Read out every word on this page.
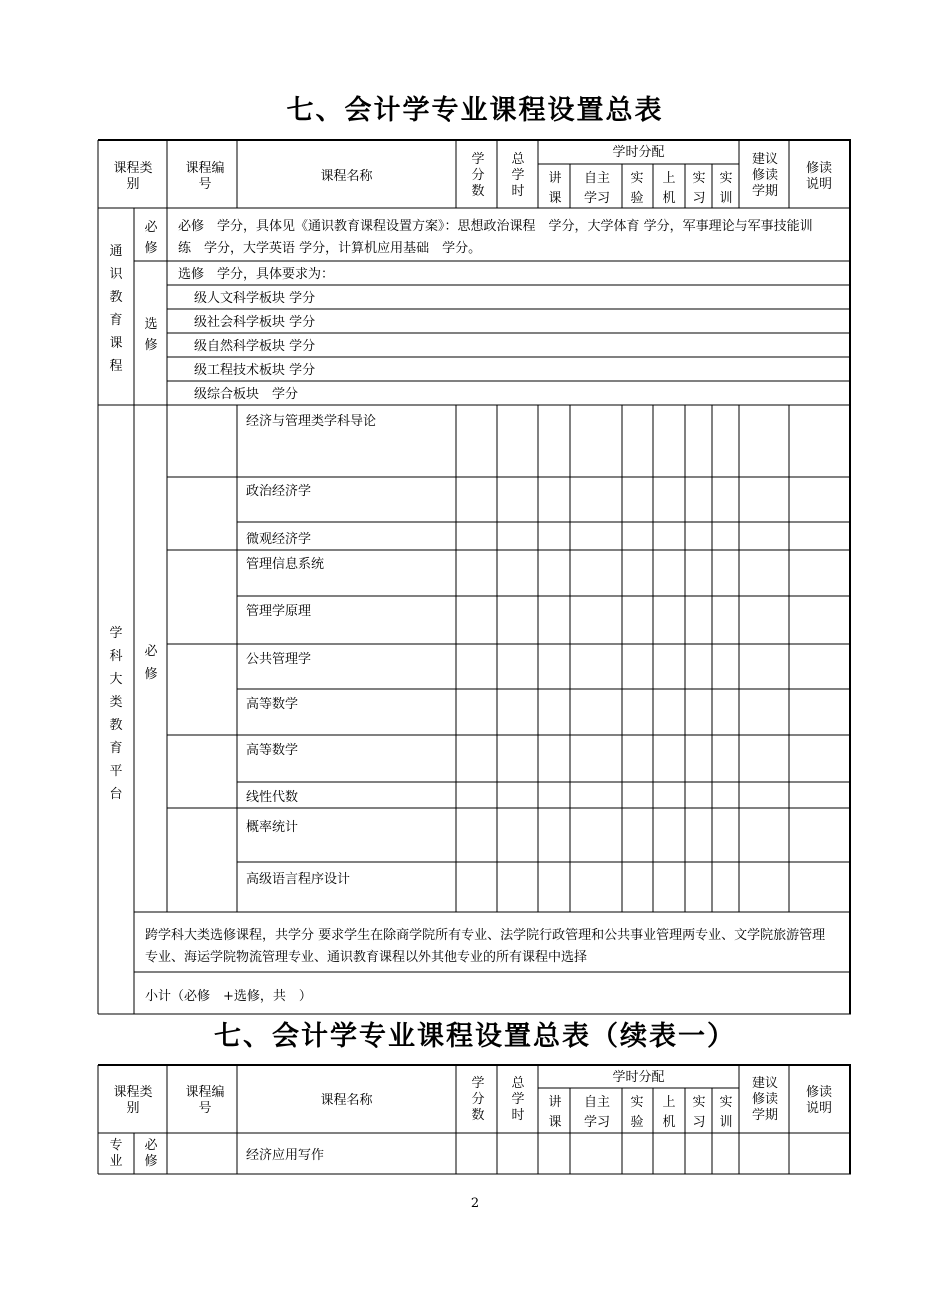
七、会计学专业课程设置总表
课程类别
课程编号
课程名称
学分数
总学时
学时分配
讲课
自主学习
实验
上机
实习
实训
建议修读学期
修读说明
通识教育课程
必修
必修　学分，具体见《通识教育课程设置方案》：思想政治课程　学分，大学体育 学分，军事理论与军事技能训
练　学分，大学英语 学分，计算机应用基础　学分。
选修
选修　学分，具体要求为：
级人文科学板块 学分
级社会科学板块 学分
级自然科学板块 学分
级工程技术板块 学分
级综合板块　学分
学科大类教育平台
必修
经济与管理类学科导论
政治经济学
微观经济学
管理信息系统
管理学原理
公共管理学
高等数学
高等数学
线性代数
概率统计
高级语言程序设计
跨学科大类选修课程，共学分 要求学生在除商学院所有专业、法学院行政管理和公共事业管理两专业、文学院旅游管理
专业、海运学院物流管理专业、通识教育课程以外其他专业的所有课程中选择
小计（必修　+选修，共　）
七、会计学专业课程设置总表（续表一）
课程类别
课程编号
课程名称
学分数
总学时
学时分配
讲课
自主学习
实验
上机
实习
实训
建议修读学期
修读说明
专业
必修	经济应用写作
2
